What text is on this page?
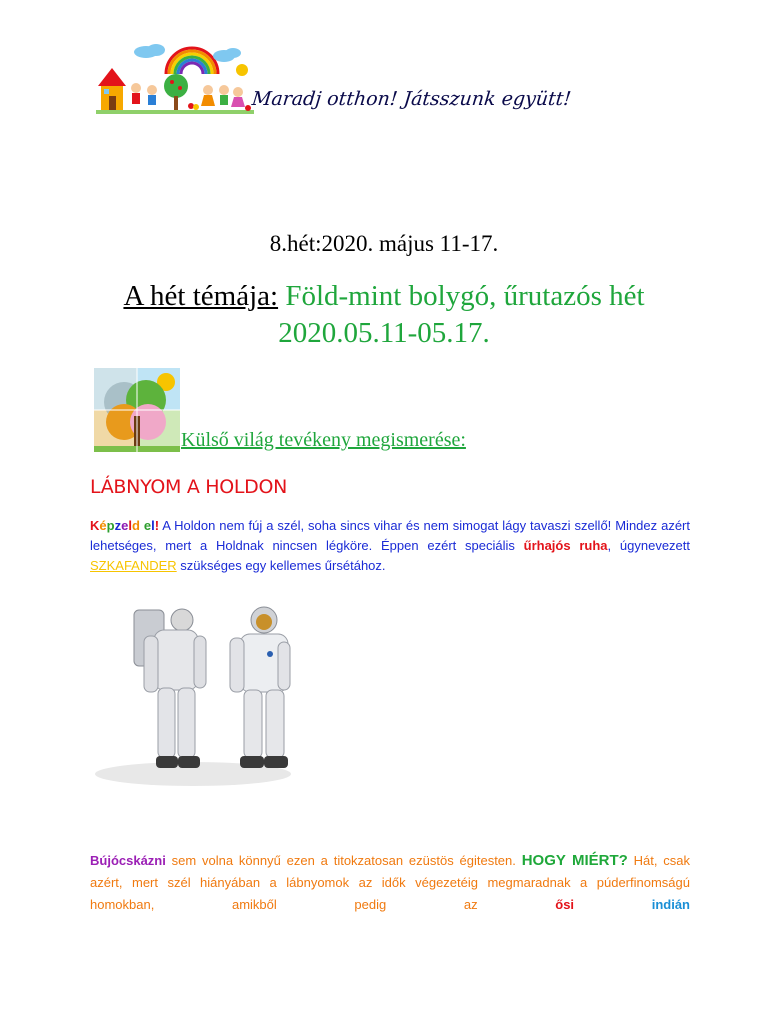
Maradj otthon! Játsszunk együtt!
8.hét:2020. május 11-17.
A hét témája: Föld-mint bolygó, űrutazós hét
2020.05.11-05.17.
Külső világ tevékeny megismerése:
LÁBNYOM A HOLDON
Képzeld el! A Holdon nem fúj a szél, soha sincs vihar és nem simogat lágy tavaszi szellő! Mindez azért lehetséges, mert a Holdnak nincsen légköre. Éppen ezért speciális űrhajós ruha, úgynevezett SZKAFANDER szükséges egy kellemes űrsétához.
Bújócskázni sem volna könnyű ezen a titokzatosan ezüstös égitesten. HOGY MIÉRT? Hát, csak azért, mert szél hiányában a lábnyomok az idők végezetéig megmaradnak a púderfinomságú homokban, amikből pedig az ősi	indián
